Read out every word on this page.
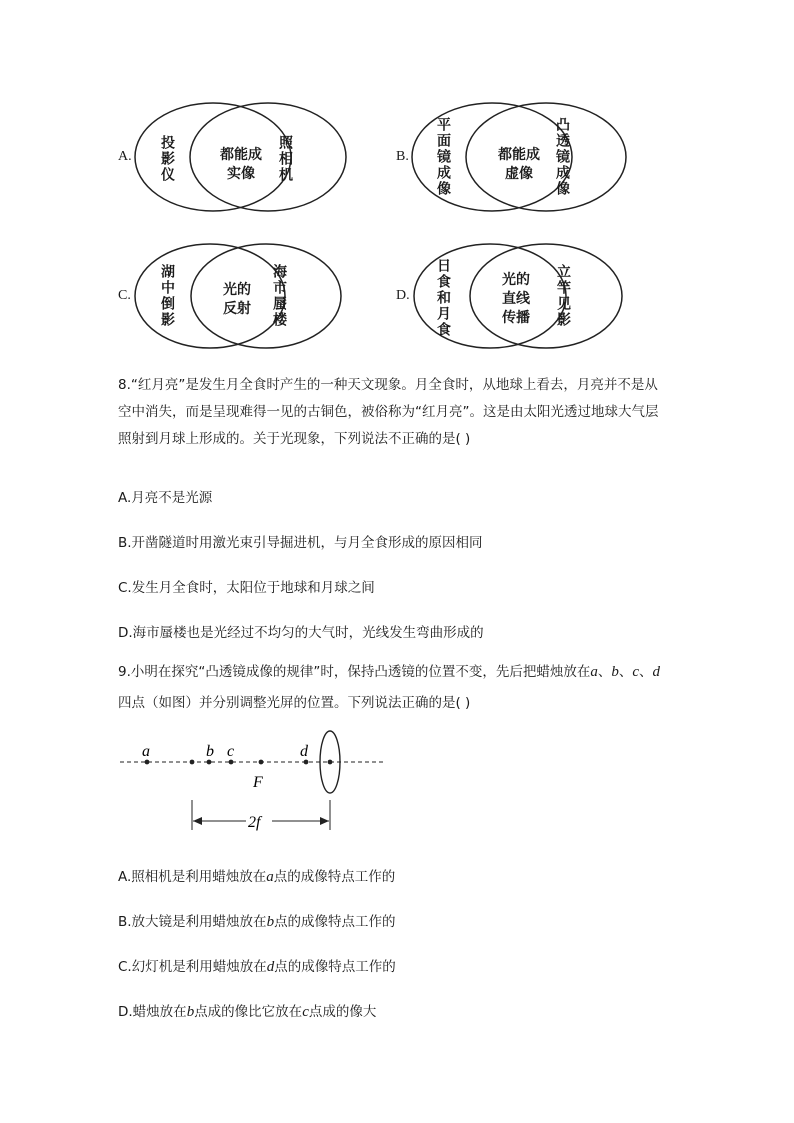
A. 投影仪	都能成
实像	照相机	B. 平面镜成像	都能成
虚像	凸透镜成像
C. 湖中倒影	光的
反射	海市蜃楼	D. 日食和月食	光的
直线
传播	立竿见影
8.“红月亮”是发生月全食时产生的一种天文现象。月全食时，从地球上看去，月亮并不是从
空中消失，而是呈现难得一见的古铜色，被俗称为“红月亮”。这是由太阳光透过地球大气层
照射到月球上形成的。关于光现象，下列说法不正确的是( )
A.月亮不是光源
B.开凿隧道时用激光束引导掘进机，与月全食形成的原因相同
C.发生月全食时，太阳位于地球和月球之间
D.海市蜃楼也是光经过不均匀的大气时，光线发生弯曲形成的
9.小明在探究“凸透镜成像的规律”时，保持凸透镜的位置不变，先后把蜡烛放在a、b、c、d
四点（如图）并分别调整光屏的位置。下列说法正确的是( )
a	b c	d
F
2f
A.照相机是利用蜡烛放在a点的成像特点工作的
B.放大镜是利用蜡烛放在b点的成像特点工作的
C.幻灯机是利用蜡烛放在d点的成像特点工作的
D.蜡烛放在b点成的像比它放在c点成的像大
